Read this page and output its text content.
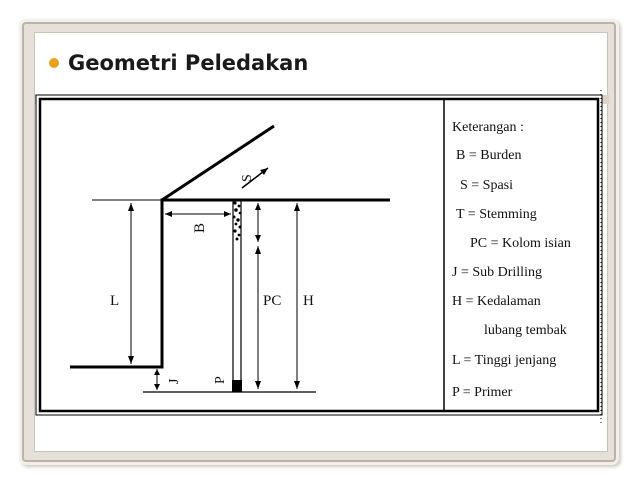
Geometri Peledakan
S
B
L	PC H
J P
Keterangan :
B = Burden
S = Spasi
T = Stemming
PC = Kolom isian
J = Sub Drilling
H = Kedalaman
lubang tembak
L = Tinggi jenjang
P = Primer
